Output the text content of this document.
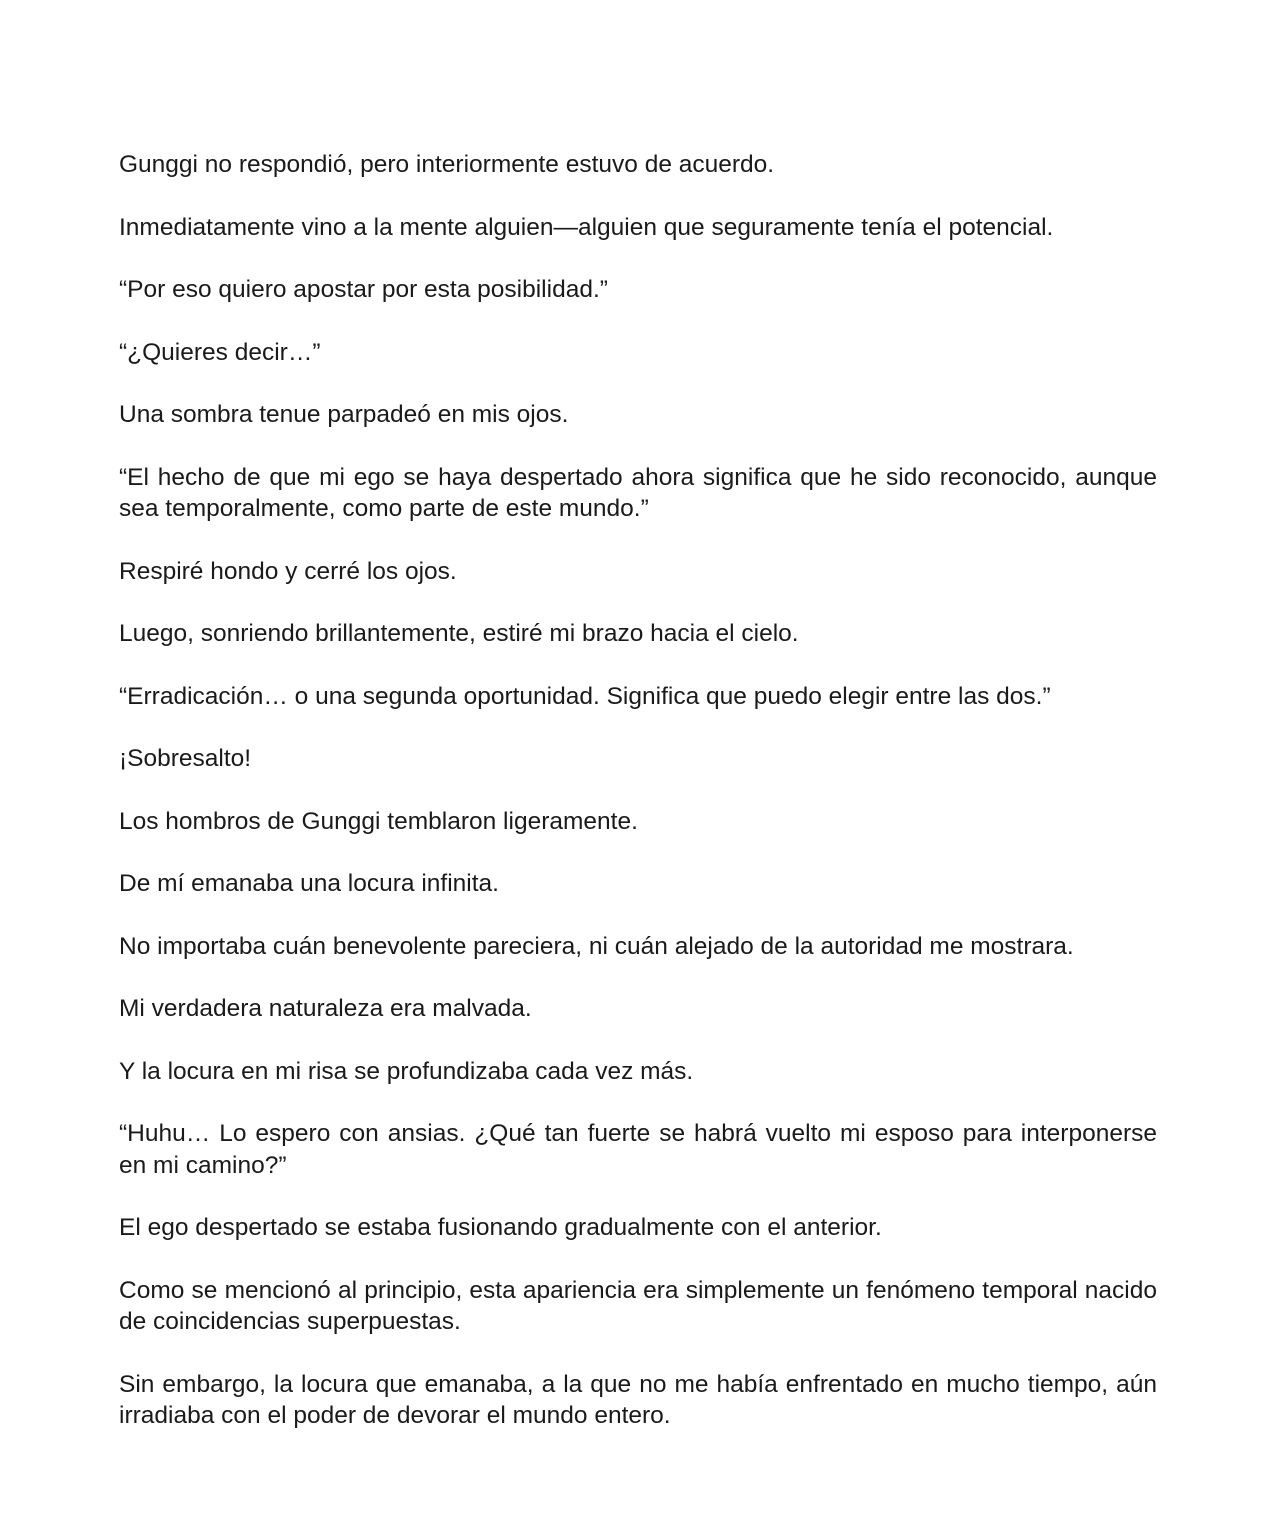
Gunggi no respondió, pero interiormente estuvo de acuerdo.

Inmediatamente vino a la mente alguien—alguien que seguramente tenía el potencial.

“Por eso quiero apostar por esta posibilidad.”

“¿Quieres decir…”

Una sombra tenue parpadeó en mis ojos.

“El hecho de que mi ego se haya despertado ahora significa que he sido reconocido, aunque sea temporalmente, como parte de este mundo.”

Respiré hondo y cerré los ojos.

Luego, sonriendo brillantemente, estiré mi brazo hacia el cielo.

“Erradicación… o una segunda oportunidad. Significa que puedo elegir entre las dos.”

¡Sobresalto!

Los hombros de Gunggi temblaron ligeramente.

De mí emanaba una locura infinita.

No importaba cuán benevolente pareciera, ni cuán alejado de la autoridad me mostrara.

Mi verdadera naturaleza era malvada.

Y la locura en mi risa se profundizaba cada vez más.

“Huhu… Lo espero con ansias. ¿Qué tan fuerte se habrá vuelto mi esposo para interponerse en mi camino?”

El ego despertado se estaba fusionando gradualmente con el anterior.

Como se mencionó al principio, esta apariencia era simplemente un fenómeno temporal nacido de coincidencias superpuestas.

Sin embargo, la locura que emanaba, a la que no me había enfrentado en mucho tiempo, aún irradiaba con el poder de devorar el mundo entero.
